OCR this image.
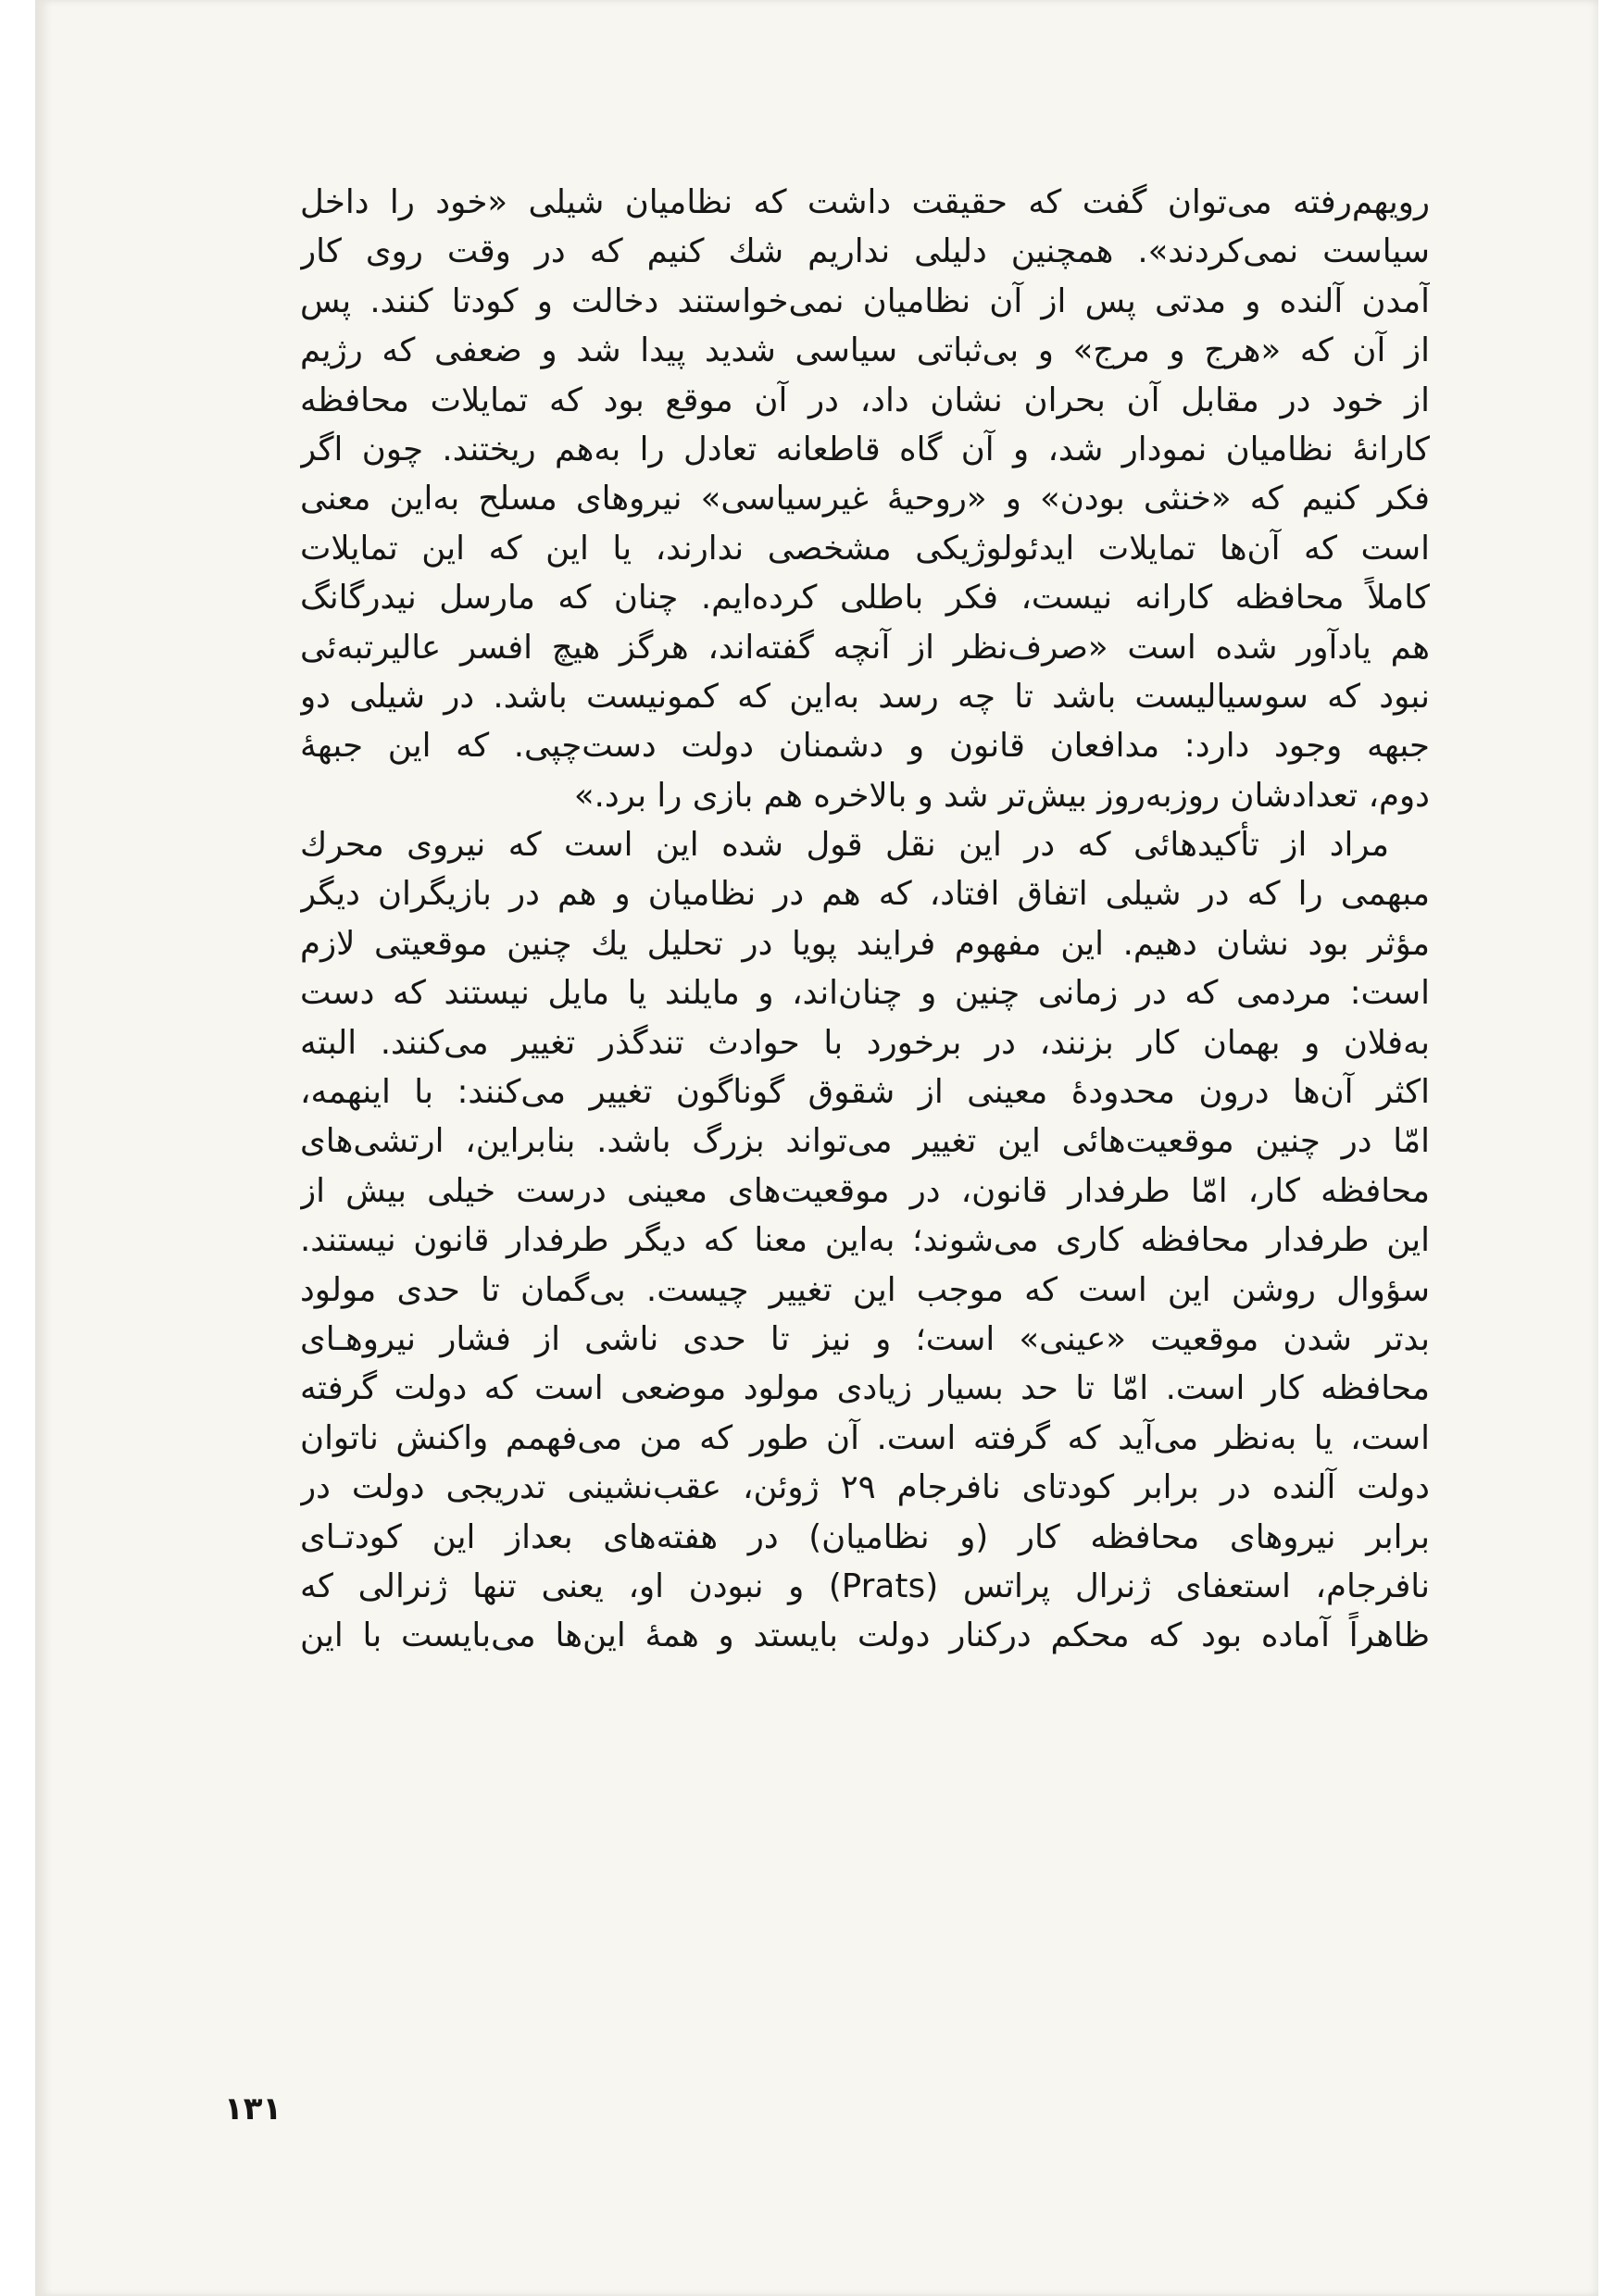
رویهم‌رفته می‌توان گفت که حقیقت داشت که نظامیان شیلی «خود را داخل
سیاست نمی‌کردند». همچنین دلیلی نداریم شك کنیم که در وقت روی کار
آمدن آلنده و مدتی پس از آن نظامیان نمی‌خواستند دخالت و کودتا کنند. پس
از آن که «هرج و مرج» و بی‌ثباتی سیاسی شدید پیدا شد و ضعفی که رژیم
از خود در مقابل آن بحران نشان داد، در آن موقع بود که تمایلات محافظه
کارانهٔ نظامیان نمودار شد، و آن گاه قاطعانه تعادل را به‌هم ریختند. چون اگر
فکر کنیم که «خنثی بودن» و «روحیهٔ غیرسیاسی» نیروهای مسلح به‌این معنی
است که آن‌ها تمایلات ایدئولوژیکی مشخصی ندارند، یا این که این تمایلات
کاملاً محافظه کارانه نیست، فکر باطلی کرده‌ایم. چنان که مارسل نیدرگانگ
هم یادآور شده است «صرف‌نظر از آنچه گفته‌اند، هرگز هیچ افسر عالیرتبه‌ئی
نبود که سوسیالیست باشد تا چه رسد به‌این که کمونیست باشد. در شیلی دو
جبهه وجود دارد: مدافعان قانون و دشمنان دولت دست‌چپی. که این جبههٔ
دوم، تعدادشان روزبه‌روز بیش‌تر شد و بالاخره هم بازی را برد.»
مراد از تأکیدهائی که در این نقل قول شده این است که نیروی محرك
مبهمی را که در شیلی اتفاق افتاد، که هم در نظامیان و هم در بازیگران دیگر
مؤثر بود نشان دهیم. این مفهوم فرایند پویا در تحلیل یك چنین موقعیتی لازم
است: مردمی که در زمانی چنین و چنان‌اند، و مایلند یا مایل نیستند که دست
به‌فلان و بهمان کار بزنند، در برخورد با حوادث تندگذر تغییر می‌کنند. البته
اکثر آن‌ها درون محدودهٔ معینی از شقوق گوناگون تغییر می‌کنند: با اینهمه،
امّا در چنین موقعیت‌هائی این تغییر می‌تواند بزرگ باشد. بنابراین، ارتشی‌های
محافظه کار، امّا طرفدار قانون، در موقعیت‌های معینی درست خیلی بیش از
این طرفدار محافظه کاری می‌شوند؛ به‌این معنا که دیگر طرفدار قانون نیستند.
سؤوال روشن این است که موجب این تغییر چیست. بی‌گمان تا حدی مولود
بدتر شدن موقعیت «عینی» است؛ و نیز تا حدی ناشی از فشار نیروهـای
محافظه کار است. امّا تا حد بسیار زیادی مولود موضعی است که دولت گرفته
است، یا به‌نظر می‌آید که گرفته است. آن طور که من می‌فهمم واکنش ناتوان
دولت آلنده در برابر کودتای نافرجام ۲۹ ژوئن، عقب‌نشینی تدریجی دولت در
برابر نیروهای محافظه کار (و نظامیان) در هفته‌های بعداز این کودتـای
نافرجام، استعفای ژنرال پراتس (Prats) و نبودن او، یعنی تنها ژنرالی که
ظاهراً آماده بود که محکم درکنار دولت بایستد و همهٔ این‌ها می‌بایست با این
۱۳۱
